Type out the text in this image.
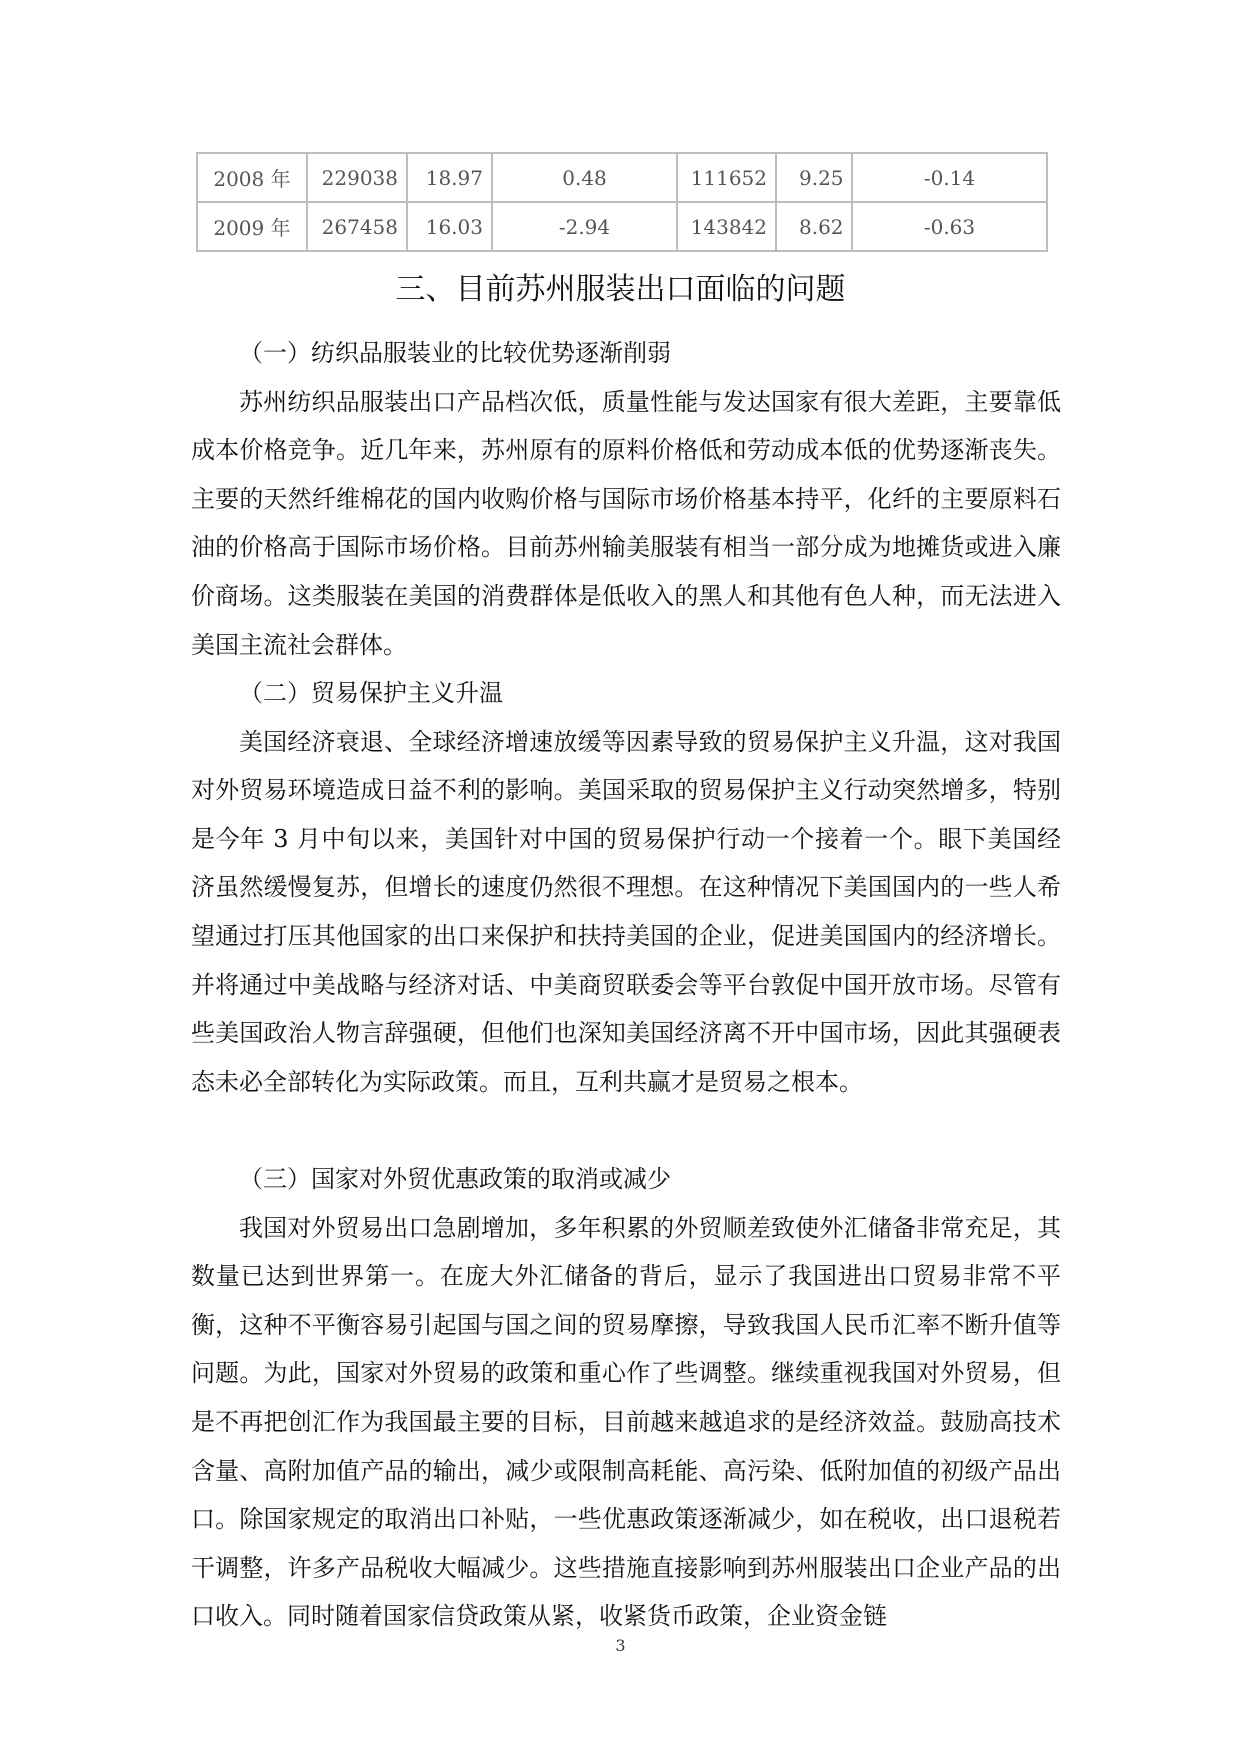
2008 年	229038	18.97	0.48	111652	9.25	-0.14
2009 年	267458	16.03	-2.94	143842	8.62	-0.63
三、目前苏州服装出口面临的问题

（一）纺织品服装业的比较优势逐渐削弱

苏州纺织品服装出口产品档次低，质量性能与发达国家有很大差距，主要靠低成本价格竞争。近几年来，苏州原有的原料价格低和劳动成本低的优势逐渐丧失。主要的天然纤维棉花的国内收购价格与国际市场价格基本持平，化纤的主要原料石油的价格高于国际市场价格。目前苏州输美服装有相当一部分成为地摊货或进入廉价商场。这类服装在美国的消费群体是低收入的黑人和其他有色人种，而无法进入美国主流社会群体。

（二）贸易保护主义升温

美国经济衰退、全球经济增速放缓等因素导致的贸易保护主义升温，这对我国对外贸易环境造成日益不利的影响。美国采取的贸易保护主义行动突然增多，特别是今年 3 月中旬以来，美国针对中国的贸易保护行动一个接着一个。眼下美国经济虽然缓慢复苏，但增长的速度仍然很不理想。在这种情况下美国国内的一些人希望通过打压其他国家的出口来保护和扶持美国的企业，促进美国国内的经济增长。并将通过中美战略与经济对话、中美商贸联委会等平台敦促中国开放市场。尽管有些美国政治人物言辞强硬，但他们也深知美国经济离不开中国市场，因此其强硬表态未必全部转化为实际政策。而且，互利共赢才是贸易之根本。

（三）国家对外贸优惠政策的取消或减少

我国对外贸易出口急剧增加，多年积累的外贸顺差致使外汇储备非常充足，其数量已达到世界第一。在庞大外汇储备的背后，显示了我国进出口贸易非常不平衡，这种不平衡容易引起国与国之间的贸易摩擦，导致我国人民币汇率不断升值等问题。为此，国家对外贸易的政策和重心作了些调整。继续重视我国对外贸易，但是不再把创汇作为我国最主要的目标，目前越来越追求的是经济效益。鼓励高技术含量、高附加值产品的输出，减少或限制高耗能、高污染、低附加值的初级产品出口。除国家规定的取消出口补贴，一些优惠政策逐渐减少，如在税收，出口退税若干调整，许多产品税收大幅减少。这些措施直接影响到苏州服装出口企业产品的出口收入。同时随着国家信贷政策从紧，收紧货币政策，企业资金链

3
